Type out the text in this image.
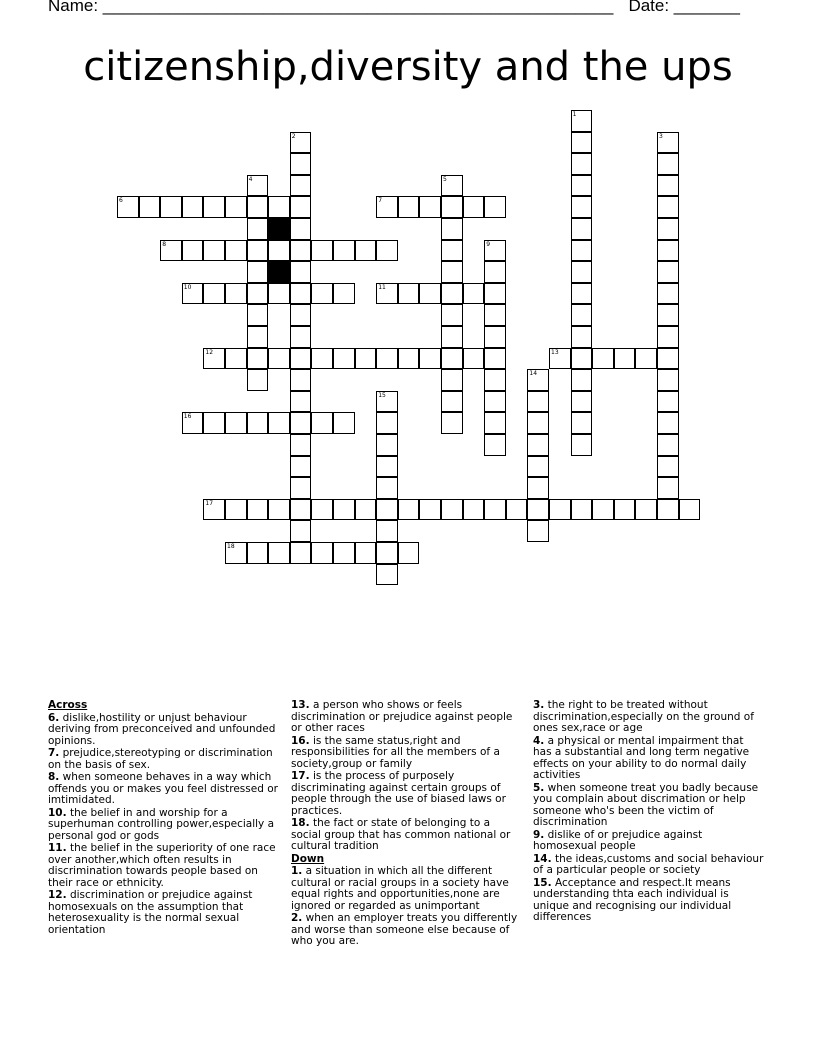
Name: ______________________________________________________ Date: _______
citizenship,diversity and the ups
1
2	3
4	5
6	7
8	9
10	11
12	13
14
15
16
17
18
Across
6. dislike,hostility or unjust behaviour deriving from preconceived and unfounded opinions.
7. prejudice,stereotyping or discrimination on the basis of sex.
8. when someone behaves in a way which offends you or makes you feel distressed or imtimidated.
10. the belief in and worship for a superhuman controlling power,especially a personal god or gods
11. the belief in the superiority of one race over another,which often results in discrimination towards people based on their race or ethnicity.
12. discrimination or prejudice against homosexuals on the assumption that heterosexuality is the normal sexual orientation
13. a person who shows or feels discrimination or prejudice against people or other races
16. is the same status,right and responsibilities for all the members of a society,group or family
17. is the process of purposely discriminating against certain groups of people through the use of biased laws or practices.
18. the fact or state of belonging to a social group that has common national or cultural tradition
Down
1. a situation in which all the different cultural or racial groups in a society have equal rights and opportunities,none are ignored or regarded as unimportant
2. when an employer treats you differently and worse than someone else because of who you are.
3. the right to be treated without discrimination,especially on the ground of ones sex,race or age
4. a physical or mental impairment that has a substantial and long term negative effects on your ability to do normal daily activities
5. when someone treat you badly because you complain about discrimation or help someone who's been the victim of discrimination
9. dislike of or prejudice against homosexual people
14. the ideas,customs and social behaviour of a particular people or society
15. Acceptance and respect.It means understanding thta each individual is unique and recognising our individual differences
